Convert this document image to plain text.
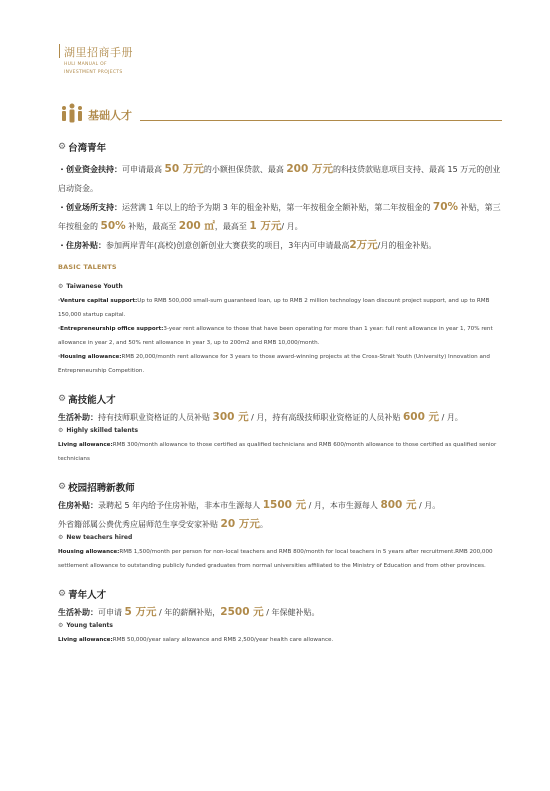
湖里招商手册
HULI MANUAL OF
INVESTMENT PROJECTS
基础人才
⚙ 台湾青年

・创业资金扶持：可申请最高 50 万元的小额担保贷款、最高 200 万元的科技贷款贴息项目支持、最高 15 万元的创业启动资金。

・创业场所支持：运营满 1 年以上的给予为期 3 年的租金补贴，第一年按租金全额补贴，第二年按租金的 70% 补贴，第三年按租金的 50% 补贴，最高至 200 ㎡，最高至 1 万元/ 月。

・住房补贴：参加两岸青年(高校)创意创新创业大赛获奖的项目，3年内可申请最高2万元/月的租金补贴。

BASIC TALENTS

⚙ Taiwanese Youth

·Venture capital support:Up to RMB 500,000 small-sum guaranteed loan, up to RMB 2 million technology loan discount project support, and up to RMB 150,000 startup capital.

·Entrepreneurship office support:3-year rent allowance to those that have been operating for more than 1 year: full rent allowance in year 1, 70% rent allowance in year 2, and 50% rent allowance in year 3, up to 200m2 and RMB 10,000/month.

·Housing allowance:RMB 20,000/month rent allowance for 3 years to those award-winning projects at the Cross-Strait Youth (University) Innovation and Entrepreneurship Competition.

⚙ 高技能人才

生活补助：持有技师职业资格证的人员补贴 300 元 / 月，持有高级技师职业资格证的人员补贴 600 元 / 月。

⚙ Highly skilled talents

Living allowance:RMB 300/month allowance to those certified as qualified technicians and RMB 600/month allowance to those certified as qualified senior technicians

⚙ 校园招聘新教师

住房补贴：录聘起 5 年内给予住房补贴，非本市生源每人 1500 元 / 月，本市生源每人 800 元 / 月。

外省籍部属公费优秀应届师范生享受安家补贴 20 万元。

⚙ New teachers hired

Housing allowance:RMB 1,500/month per person for non-local teachers and RMB 800/month for local teachers in 5 years after recruitment.RMB 200,000 settlement allowance to outstanding publicly funded graduates from normal universities affiliated to the Ministry of Education and from other provinces.

⚙ 青年人才

生活补助：可申请 5 万元 / 年的薪酬补贴，2500 元 / 年保健补贴。

⚙ Young talents

Living allowance:RMB 50,000/year salary allowance and RMB 2,500/year health care allowance.
